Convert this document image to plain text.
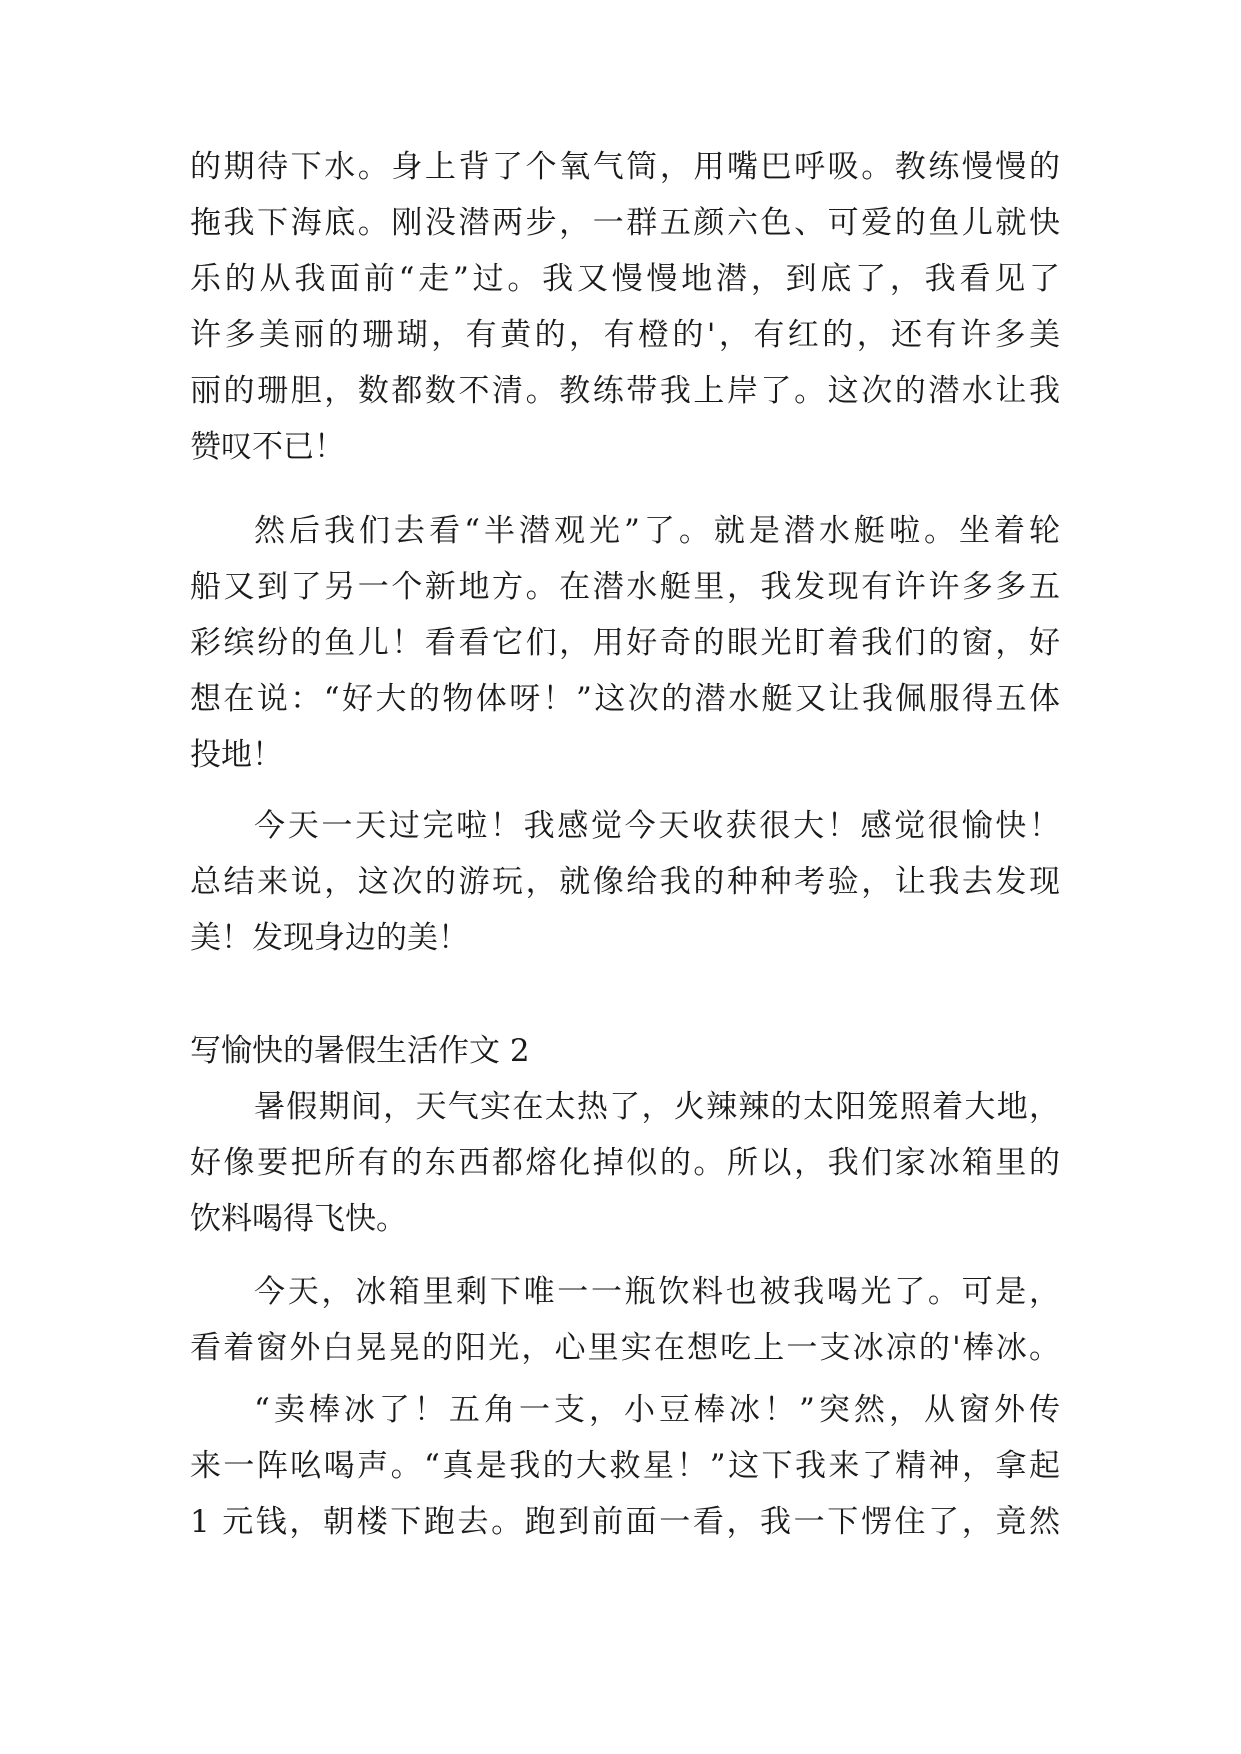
的期待下水。身上背了个氧气筒，用嘴巴呼吸。教练慢慢的
拖我下海底。刚没潜两步，一群五颜六色、可爱的鱼儿就快
乐的从我面前“走”过。我又慢慢地潜，到底了，我看见了
许多美丽的珊瑚，有黄的，有橙的'，有红的，还有许多美
丽的珊胆，数都数不清。教练带我上岸了。这次的潜水让我
赞叹不已！
然后我们去看“半潜观光”了。就是潜水艇啦。坐着轮
船又到了另一个新地方。在潜水艇里，我发现有许许多多五
彩缤纷的鱼儿！看看它们，用好奇的眼光盯着我们的窗，好
想在说：“好大的物体呀！”这次的潜水艇又让我佩服得五体
投地！
今天一天过完啦！我感觉今天收获很大！感觉很愉快！
总结来说，这次的游玩，就像给我的种种考验，让我去发现
美！发现身边的美！
写愉快的暑假生活作文 2
暑假期间，天气实在太热了，火辣辣的太阳笼照着大地，
好像要把所有的东西都熔化掉似的。所以，我们家冰箱里的
饮料喝得飞快。
今天，冰箱里剩下唯一一瓶饮料也被我喝光了。可是，
看着窗外白晃晃的阳光，心里实在想吃上一支冰凉的'棒冰。
“卖棒冰了！五角一支，小豆棒冰！”突然，从窗外传
来一阵吆喝声。“真是我的大救星！”这下我来了精神，拿起
1 元钱，朝楼下跑去。跑到前面一看，我一下愣住了，竟然
